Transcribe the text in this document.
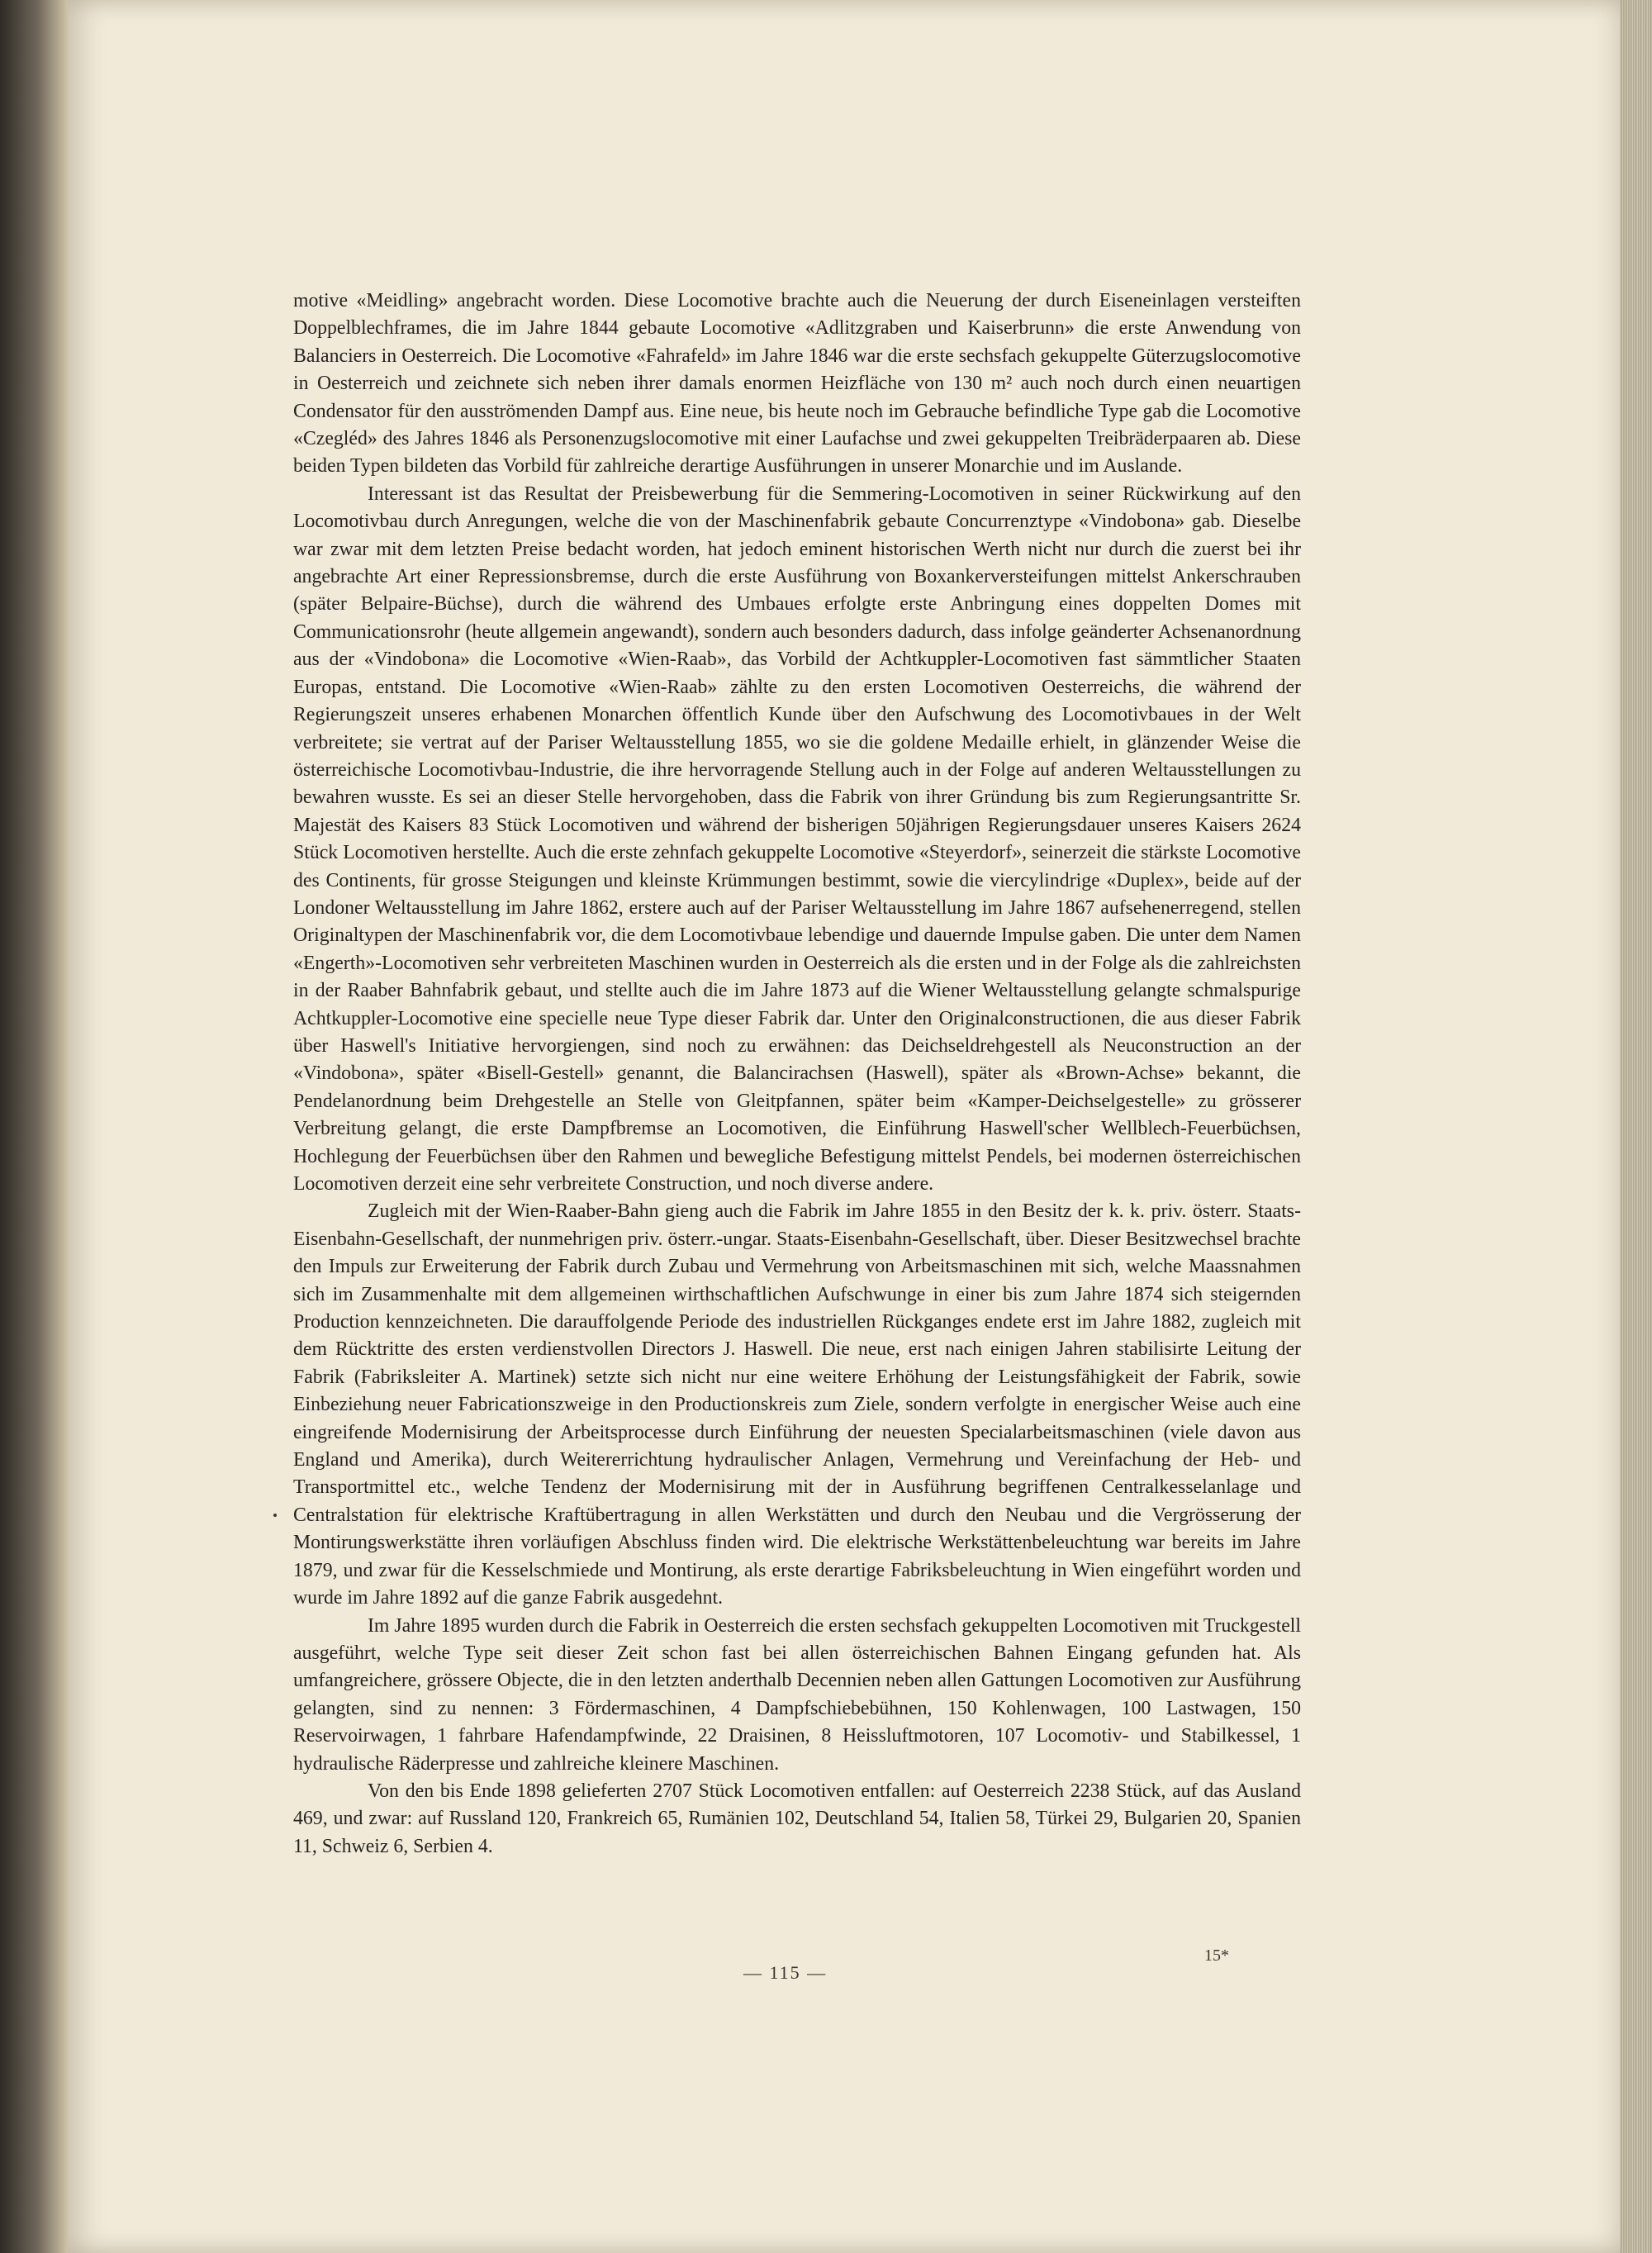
motive «Meidling» angebracht worden. Diese Locomotive brachte auch die Neuerung der durch Eiseneinlagen versteiften Doppelblechframes, die im Jahre 1844 gebaute Locomotive «Adlitzgraben und Kaiserbrunn» die erste Anwendung von Balanciers in Oesterreich. Die Locomotive «Fahrafeld» im Jahre 1846 war die erste sechsfach gekuppelte Güterzugslocomotive in Oesterreich und zeichnete sich neben ihrer damals enormen Heizfläche von 130 m² auch noch durch einen neuartigen Condensator für den ausströmenden Dampf aus. Eine neue, bis heute noch im Gebrauche befindliche Type gab die Locomotive «Czegléd» des Jahres 1846 als Personenzugslocomotive mit einer Laufachse und zwei gekuppelten Treibräderpaaren ab. Diese beiden Typen bildeten das Vorbild für zahlreiche derartige Ausführungen in unserer Monarchie und im Auslande.

Interessant ist das Resultat der Preisbewerbung für die Semmering-Locomotiven in seiner Rückwirkung auf den Locomotivbau durch Anregungen, welche die von der Maschinenfabrik gebaute Concurrenztype «Vindobona» gab. Dieselbe war zwar mit dem letzten Preise bedacht worden, hat jedoch eminent historischen Werth nicht nur durch die zuerst bei ihr angebrachte Art einer Repressionsbremse, durch die erste Ausführung von Boxankerversteifungen mittelst Ankerschrauben (später Belpaire-Büchse), durch die während des Umbaues erfolgte erste Anbringung eines doppelten Domes mit Communicationsrohr (heute allgemein angewandt), sondern auch besonders dadurch, dass infolge geänderter Achsenanordnung aus der «Vindobona» die Locomotive «Wien-Raab», das Vorbild der Achtkuppler-Locomotiven fast sämmtlicher Staaten Europas, entstand. Die Locomotive «Wien-Raab» zählte zu den ersten Locomotiven Oesterreichs, die während der Regierungszeit unseres erhabenen Monarchen öffentlich Kunde über den Aufschwung des Locomotivbaues in der Welt verbreitete; sie vertrat auf der Pariser Weltausstellung 1855, wo sie die goldene Medaille erhielt, in glänzender Weise die österreichische Locomotivbau-Industrie, die ihre hervorragende Stellung auch in der Folge auf anderen Weltausstellungen zu bewahren wusste. Es sei an dieser Stelle hervorgehoben, dass die Fabrik von ihrer Gründung bis zum Regierungsantritte Sr. Majestät des Kaisers 83 Stück Locomotiven und während der bisherigen 50jährigen Regierungsdauer unseres Kaisers 2624 Stück Locomotiven herstellte. Auch die erste zehnfach gekuppelte Locomotive «Steyerdorf», seinerzeit die stärkste Locomotive des Continents, für grosse Steigungen und kleinste Krümmungen bestimmt, sowie die viercylindrige «Duplex», beide auf der Londoner Weltausstellung im Jahre 1862, erstere auch auf der Pariser Weltausstellung im Jahre 1867 aufsehenerregend, stellen Originaltypen der Maschinenfabrik vor, die dem Locomotivbaue lebendige und dauernde Impulse gaben. Die unter dem Namen «Engerth»-Locomotiven sehr verbreiteten Maschinen wurden in Oesterreich als die ersten und in der Folge als die zahlreichsten in der Raaber Bahnfabrik gebaut, und stellte auch die im Jahre 1873 auf die Wiener Weltausstellung gelangte schmalspurige Achtkuppler-Locomotive eine specielle neue Type dieser Fabrik dar. Unter den Originalconstructionen, die aus dieser Fabrik über Haswell's Initiative hervorgiengen, sind noch zu erwähnen: das Deichseldrehgestell als Neuconstruction an der «Vindobona», später «Bisell-Gestell» genannt, die Balancirachsen (Haswell), später als «Brown-Achse» bekannt, die Pendelanordnung beim Drehgestelle an Stelle von Gleitpfannen, später beim «Kamper-Deichselgestelle» zu grösserer Verbreitung gelangt, die erste Dampfbremse an Locomotiven, die Einführung Haswell'scher Wellblech-Feuerbüchsen, Hochlegung der Feuerbüchsen über den Rahmen und bewegliche Befestigung mittelst Pendels, bei modernen österreichischen Locomotiven derzeit eine sehr verbreitete Construction, und noch diverse andere.

Zugleich mit der Wien-Raaber-Bahn gieng auch die Fabrik im Jahre 1855 in den Besitz der k. k. priv. österr. Staats-Eisenbahn-Gesellschaft, der nunmehrigen priv. österr.-ungar. Staats-Eisenbahn-Gesellschaft, über. Dieser Besitzwechsel brachte den Impuls zur Erweiterung der Fabrik durch Zubau und Vermehrung von Arbeitsmaschinen mit sich, welche Maassnahmen sich im Zusammenhalte mit dem allgemeinen wirthschaftlichen Aufschwunge in einer bis zum Jahre 1874 sich steigernden Production kennzeichneten. Die darauffolgende Periode des industriellen Rückganges endete erst im Jahre 1882, zugleich mit dem Rücktritte des ersten verdienstvollen Directors J. Haswell. Die neue, erst nach einigen Jahren stabilisirte Leitung der Fabrik (Fabriksleiter A. Martinek) setzte sich nicht nur eine weitere Erhöhung der Leistungsfähigkeit der Fabrik, sowie Einbeziehung neuer Fabricationszweige in den Productionskreis zum Ziele, sondern verfolgte in energischer Weise auch eine eingreifende Modernisirung der Arbeitsprocesse durch Einführung der neuesten Specialarbeitsmaschinen (viele davon aus England und Amerika), durch Weitererrichtung hydraulischer Anlagen, Vermehrung und Vereinfachung der Heb- und Transportmittel etc., welche Tendenz der Modernisirung mit der in Ausführung begriffenen Centralkesselanlage und Centralstation für elektrische Kraftübertragung in allen Werkstätten und durch den Neubau und die Vergrösserung der Montirungswerkstätte ihren vorläufigen Abschluss finden wird. Die elektrische Werkstättenbeleuchtung war bereits im Jahre 1879, und zwar für die Kesselschmiede und Montirung, als erste derartige Fabriksbeleuchtung in Wien eingeführt worden und wurde im Jahre 1892 auf die ganze Fabrik ausgedehnt.

Im Jahre 1895 wurden durch die Fabrik in Oesterreich die ersten sechsfach gekuppelten Locomotiven mit Truckgestell ausgeführt, welche Type seit dieser Zeit schon fast bei allen österreichischen Bahnen Eingang gefunden hat. Als umfangreichere, grössere Objecte, die in den letzten anderthalb Decennien neben allen Gattungen Locomotiven zur Ausführung gelangten, sind zu nennen: 3 Fördermaschinen, 4 Dampfschiebebühnen, 150 Kohlenwagen, 100 Lastwagen, 150 Reservoirwagen, 1 fahrbare Hafendampfwinde, 22 Draisinen, 8 Heissluftmotoren, 107 Locomotiv- und Stabilkessel, 1 hydraulische Räderpresse und zahlreiche kleinere Maschinen.

Von den bis Ende 1898 gelieferten 2707 Stück Locomotiven entfallen: auf Oesterreich 2238 Stück, auf das Ausland 469, und zwar: auf Russland 120, Frankreich 65, Rumänien 102, Deutschland 54, Italien 58, Türkei 29, Bulgarien 20, Spanien 11, Schweiz 6, Serbien 4.

— 115 —
15*
